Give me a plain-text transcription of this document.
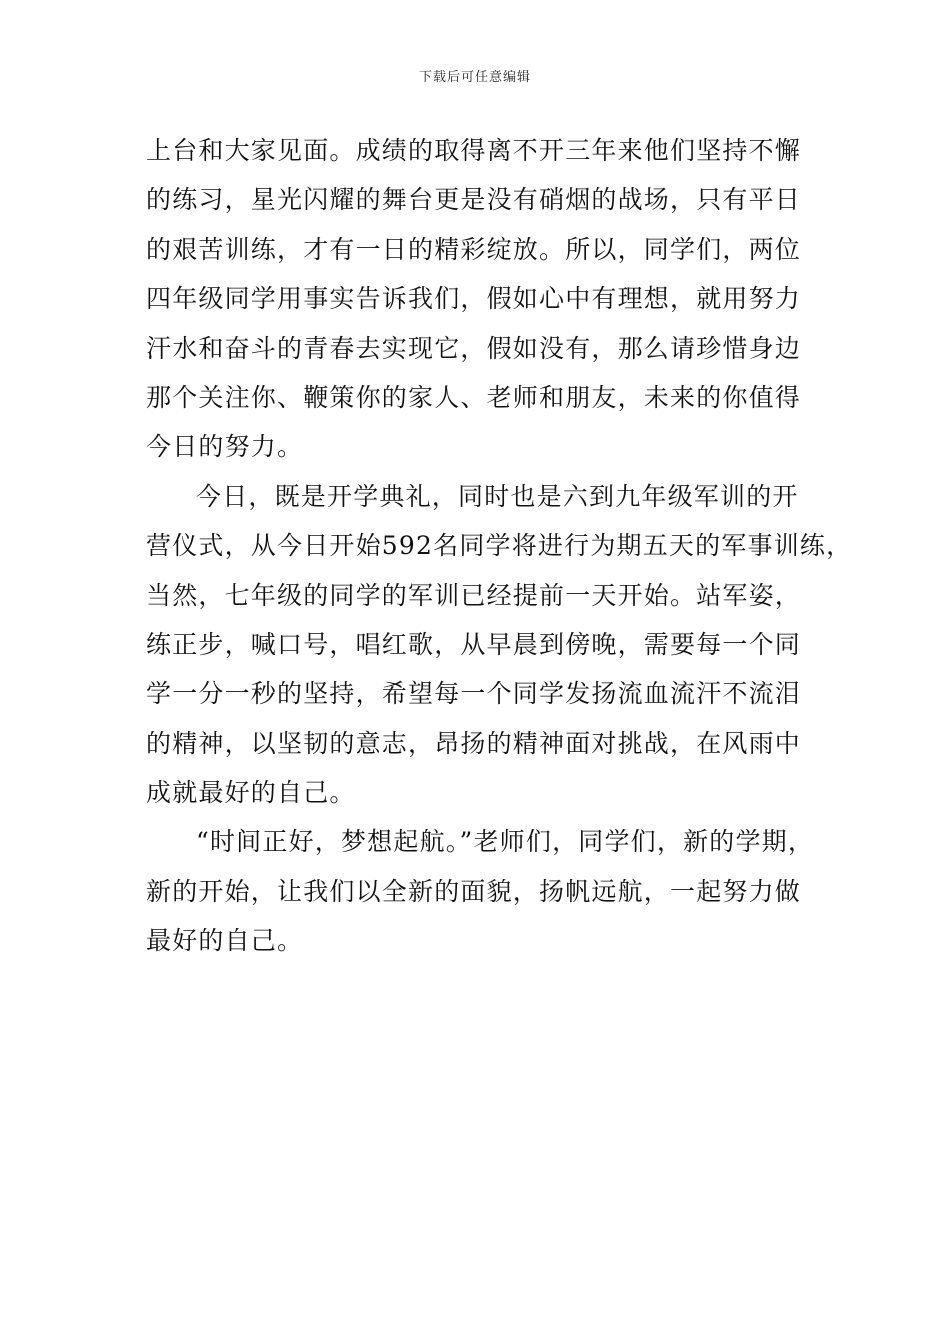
下载后可任意编辑
上台和大家见面。成绩的取得离不开三年来他们坚持不懈
的练习，星光闪耀的舞台更是没有硝烟的战场，只有平日
的艰苦训练，才有一日的精彩绽放。所以，同学们，两位
四年级同学用事实告诉我们，假如心中有理想，就用努力
汗水和奋斗的青春去实现它，假如没有，那么请珍惜身边
那个关注你、鞭策你的家人、老师和朋友，未来的你值得
今日的努力。
今日，既是开学典礼，同时也是六到九年级军训的开
营仪式，从今日开始592名同学将进行为期五天的军事训练，
当然，七年级的同学的军训已经提前一天开始。站军姿，
练正步，喊口号，唱红歌，从早晨到傍晚，需要每一个同
学一分一秒的坚持，希望每一个同学发扬流血流汗不流泪
的精神，以坚韧的意志，昂扬的精神面对挑战，在风雨中
成就最好的自己。
“时间正好，梦想起航。”老师们，同学们，新的学期，
新的开始，让我们以全新的面貌，扬帆远航，一起努力做
最好的自己。
